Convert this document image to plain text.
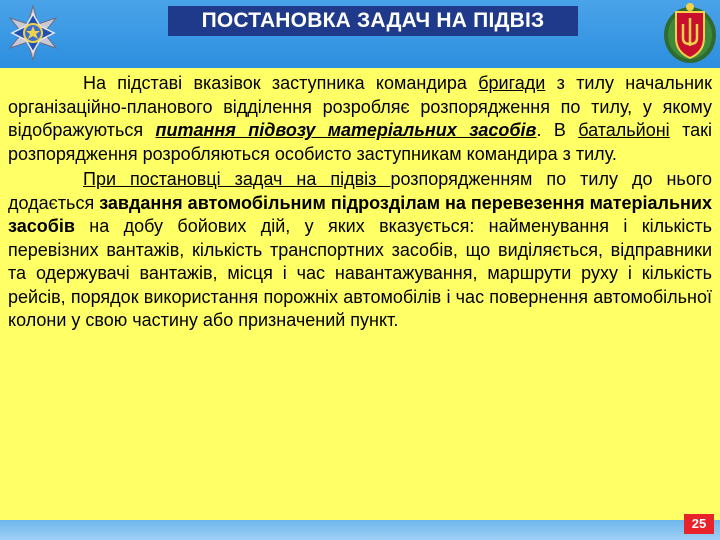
ПОСТАНОВКА ЗАДАЧ НА ПІДВІЗ

На підставі вказівок заступника командира бригади з тилу начальник організаційно-планового відділення розробляє розпорядження по тилу, у якому відображуються питання підвозу матеріальних засобів. В батальйоні такі розпорядження розробляються особисто заступникам командира з тилу.

При постановці задач на підвіз розпорядженням по тилу до нього додається завдання автомобільним підрозділам на перевезення матеріальних засобів на добу бойових дій, у яких вказується: найменування і кількість перевізних вантажів, кількість транспортних засобів, що виділяється, відправники та одержувачі вантажів, місця і час навантажування, маршрути руху і кількість рейсів, порядок використання порожніх автомобілів і час повернення автомобільної колони у свою частину або призначений пункт.

25
